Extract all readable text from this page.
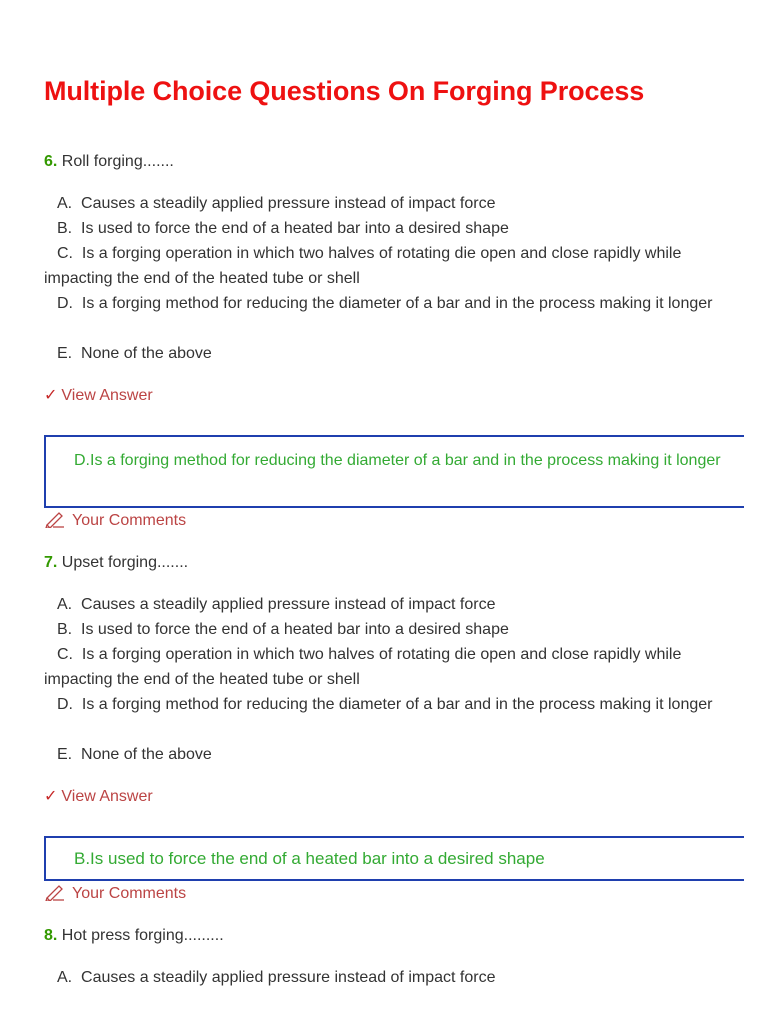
Multiple Choice Questions On Forging Process
6. Roll forging.......
A. Causes a steadily applied pressure instead of impact force
B. Is used to force the end of a heated bar into a desired shape
C. Is a forging operation in which two halves of rotating die open and close rapidly while impacting the end of the heated tube or shell
D. Is a forging method for reducing the diameter of a bar and in the process making it longer
E. None of the above
✓ View Answer
D.Is a forging method for reducing the diameter of a bar and in the process making it longer
Your Comments
7. Upset forging.......
A. Causes a steadily applied pressure instead of impact force
B. Is used to force the end of a heated bar into a desired shape
C. Is a forging operation in which two halves of rotating die open and close rapidly while impacting the end of the heated tube or shell
D. Is a forging method for reducing the diameter of a bar and in the process making it longer
E. None of the above
✓ View Answer
B.Is used to force the end of a heated bar into a desired shape
Your Comments
8. Hot press forging.........
A. Causes a steadily applied pressure instead of impact force
